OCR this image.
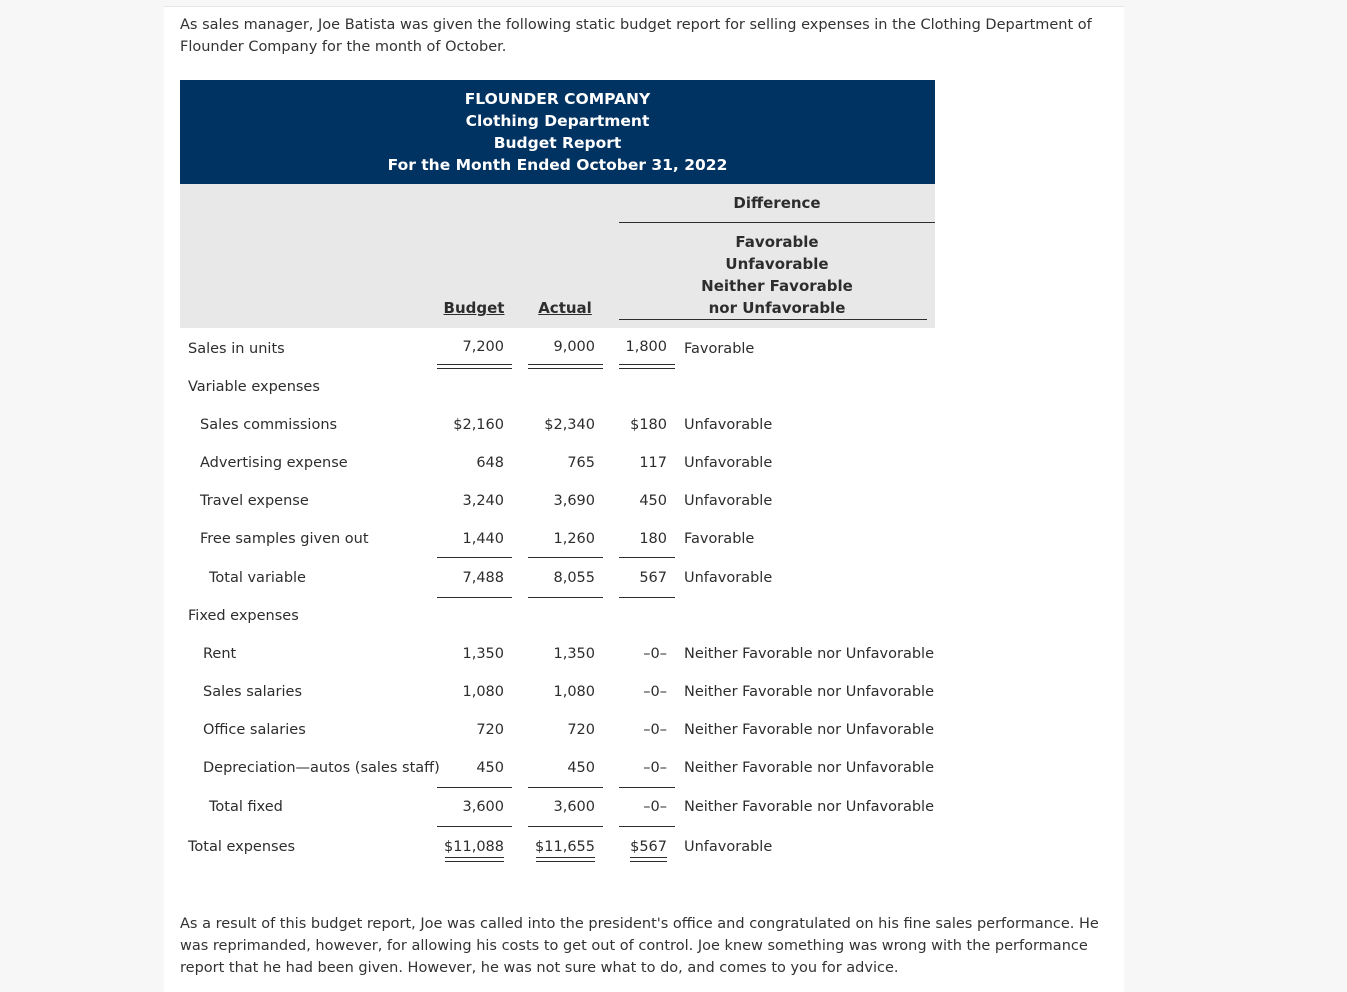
As sales manager, Joe Batista was given the following static budget report for selling expenses in the Clothing Department of Flounder Company for the month of October.

FLOUNDER COMPANY
Clothing Department
Budget Report
For the Month Ended October 31, 2022
Difference
Favorable
Unfavorable
Neither Favorable
nor Unfavorable
Budget	Actual
Sales in units	7,200	9,000	1,800 Favorable
Variable expenses
Sales commissions	$2,160	$2,340	$180 Unfavorable
Advertising expense	648	765	117 Unfavorable
Travel expense	3,240	3,690	450 Unfavorable
Free samples given out	1,440	1,260	180 Favorable
Total variable	7,488	8,055	567 Unfavorable
Fixed expenses
Rent	1,350	1,350	–0– Neither Favorable nor Unfavorable
Sales salaries	1,080	1,080	–0– Neither Favorable nor Unfavorable
Office salaries	720	720	–0– Neither Favorable nor Unfavorable
Depreciation—autos (sales staff)	450	450	–0– Neither Favorable nor Unfavorable
Total fixed	3,600	3,600	–0– Neither Favorable nor Unfavorable
Total expenses	$11,088	$11,655	$567 Unfavorable

As a result of this budget report, Joe was called into the president's office and congratulated on his fine sales performance. He was reprimanded, however, for allowing his costs to get out of control. Joe knew something was wrong with the performance report that he had been given. However, he was not sure what to do, and comes to you for advice.
